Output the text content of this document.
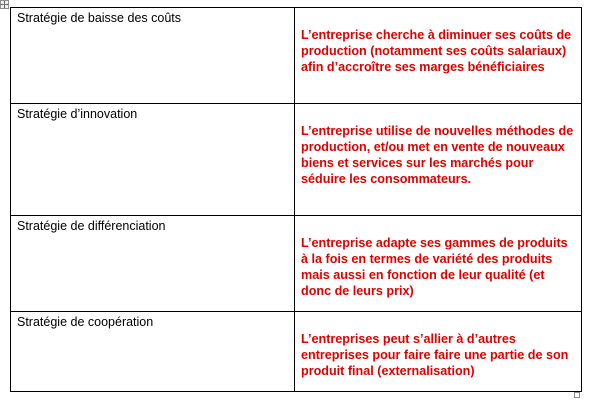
Stratégie de baisse des coûts	L’entreprise cherche à diminuer ses coûts de production (notamment ses coûts salariaux) afin d’accroître ses marges bénéficiaires

Stratégie d’innovation	L’entreprise utilise de nouvelles méthodes de production, et/ou met en vente de nouveaux biens et services sur les marchés pour séduire les consommateurs.

Stratégie de différenciation	L’entreprise adapte ses gammes de produits à la fois en termes de variété des produits mais aussi en fonction de leur qualité (et donc de leurs prix)

Stratégie de coopération	L’entreprises peut s’allier à d’autres entreprises pour faire faire une partie de son produit final (externalisation)
